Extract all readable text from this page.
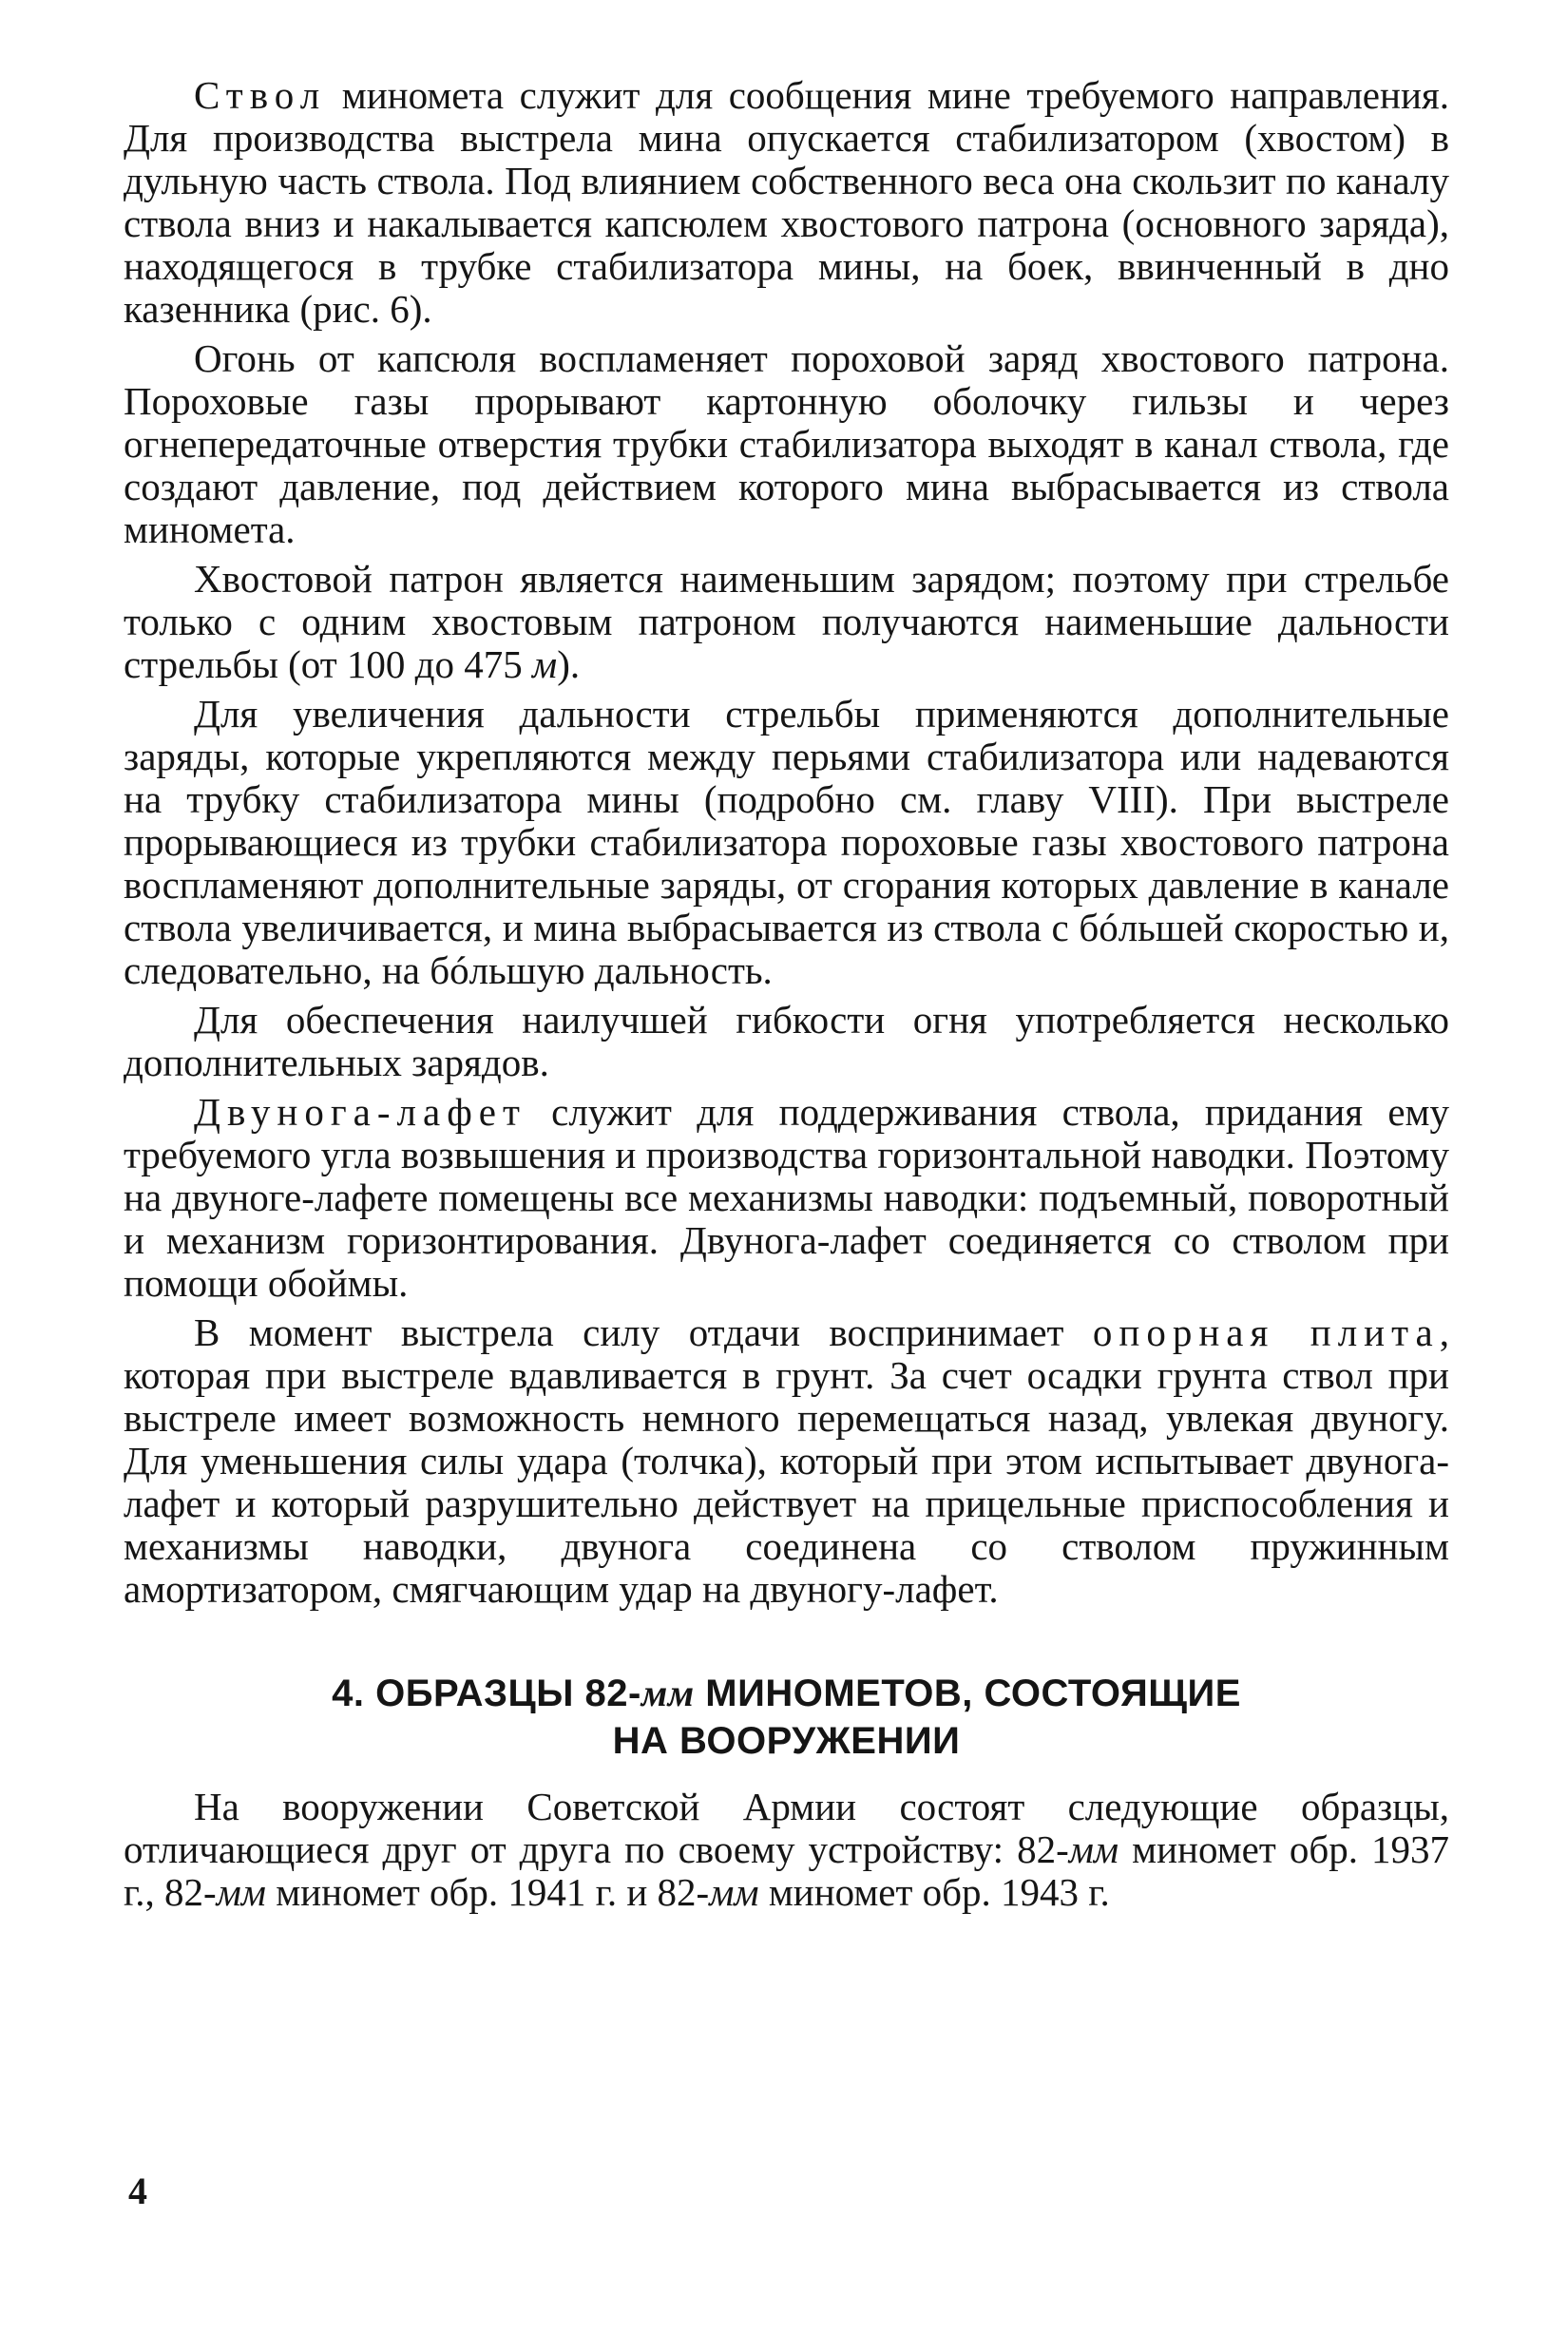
Ствол миномета служит для сообщения мине требуемого направления. Для производства выстрела мина опускается стабилизатором (хвостом) в дульную часть ствола. Под влиянием собственного веса она скользит по каналу ствола вниз и накалывается капсюлем хвостового патрона (основного заряда), находящегося в трубке стабилизатора мины, на боек, ввинченный в дно казенника (рис. 6).

Огонь от капсюля воспламеняет пороховой заряд хвостового патрона. Пороховые газы прорывают картонную оболочку гильзы и через огнепередаточные отверстия трубки стабилизатора выходят в канал ствола, где создают давление, под действием которого мина выбрасывается из ствола миномета.

Хвостовой патрон является наименьшим зарядом; поэтому при стрельбе только с одним хвостовым патроном получаются наименьшие дальности стрельбы (от 100 до 475 м).

Для увеличения дальности стрельбы применяются дополнительные заряды, которые укрепляются между перьями стабилизатора или надеваются на трубку стабилизатора мины (подробно см. главу VIII). При выстреле прорывающиеся из трубки стабилизатора пороховые газы хвостового патрона воспламеняют дополнительные заряды, от сгорания которых давление в канале ствола увеличивается, и мина выбрасывается из ствола с бóльшей скоростью и, следовательно, на бóльшую дальность.

Для обеспечения наилучшей гибкости огня употребляется несколько дополнительных зарядов.

Двунога-лафет служит для поддерживания ствола, придания ему требуемого угла возвышения и производства горизонтальной наводки. Поэтому на двуноге-лафете помещены все механизмы наводки: подъемный, поворотный и механизм горизонтирования. Двунога-лафет соединяется со стволом при помощи обоймы.

В момент выстрела силу отдачи воспринимает опорная плита, которая при выстреле вдавливается в грунт. За счет осадки грунта ствол при выстреле имеет возможность немного перемещаться назад, увлекая двуногу. Для уменьшения силы удара (толчка), который при этом испытывает двунога-лафет и который разрушительно действует на прицельные приспособления и механизмы наводки, двунога соединена со стволом пружинным амортизатором, смягчающим удар на двуногу-лафет.

4. ОБРАЗЦЫ 82-мм МИНОМЕТОВ, СОСТОЯЩИЕ
НА ВООРУЖЕНИИ

На вооружении Советской Армии состоят следующие образцы, отличающиеся друг от друга по своему устройству: 82-мм миномет обр. 1937 г., 82-мм миномет обр. 1941 г. и 82-мм миномет обр. 1943 г.

4
